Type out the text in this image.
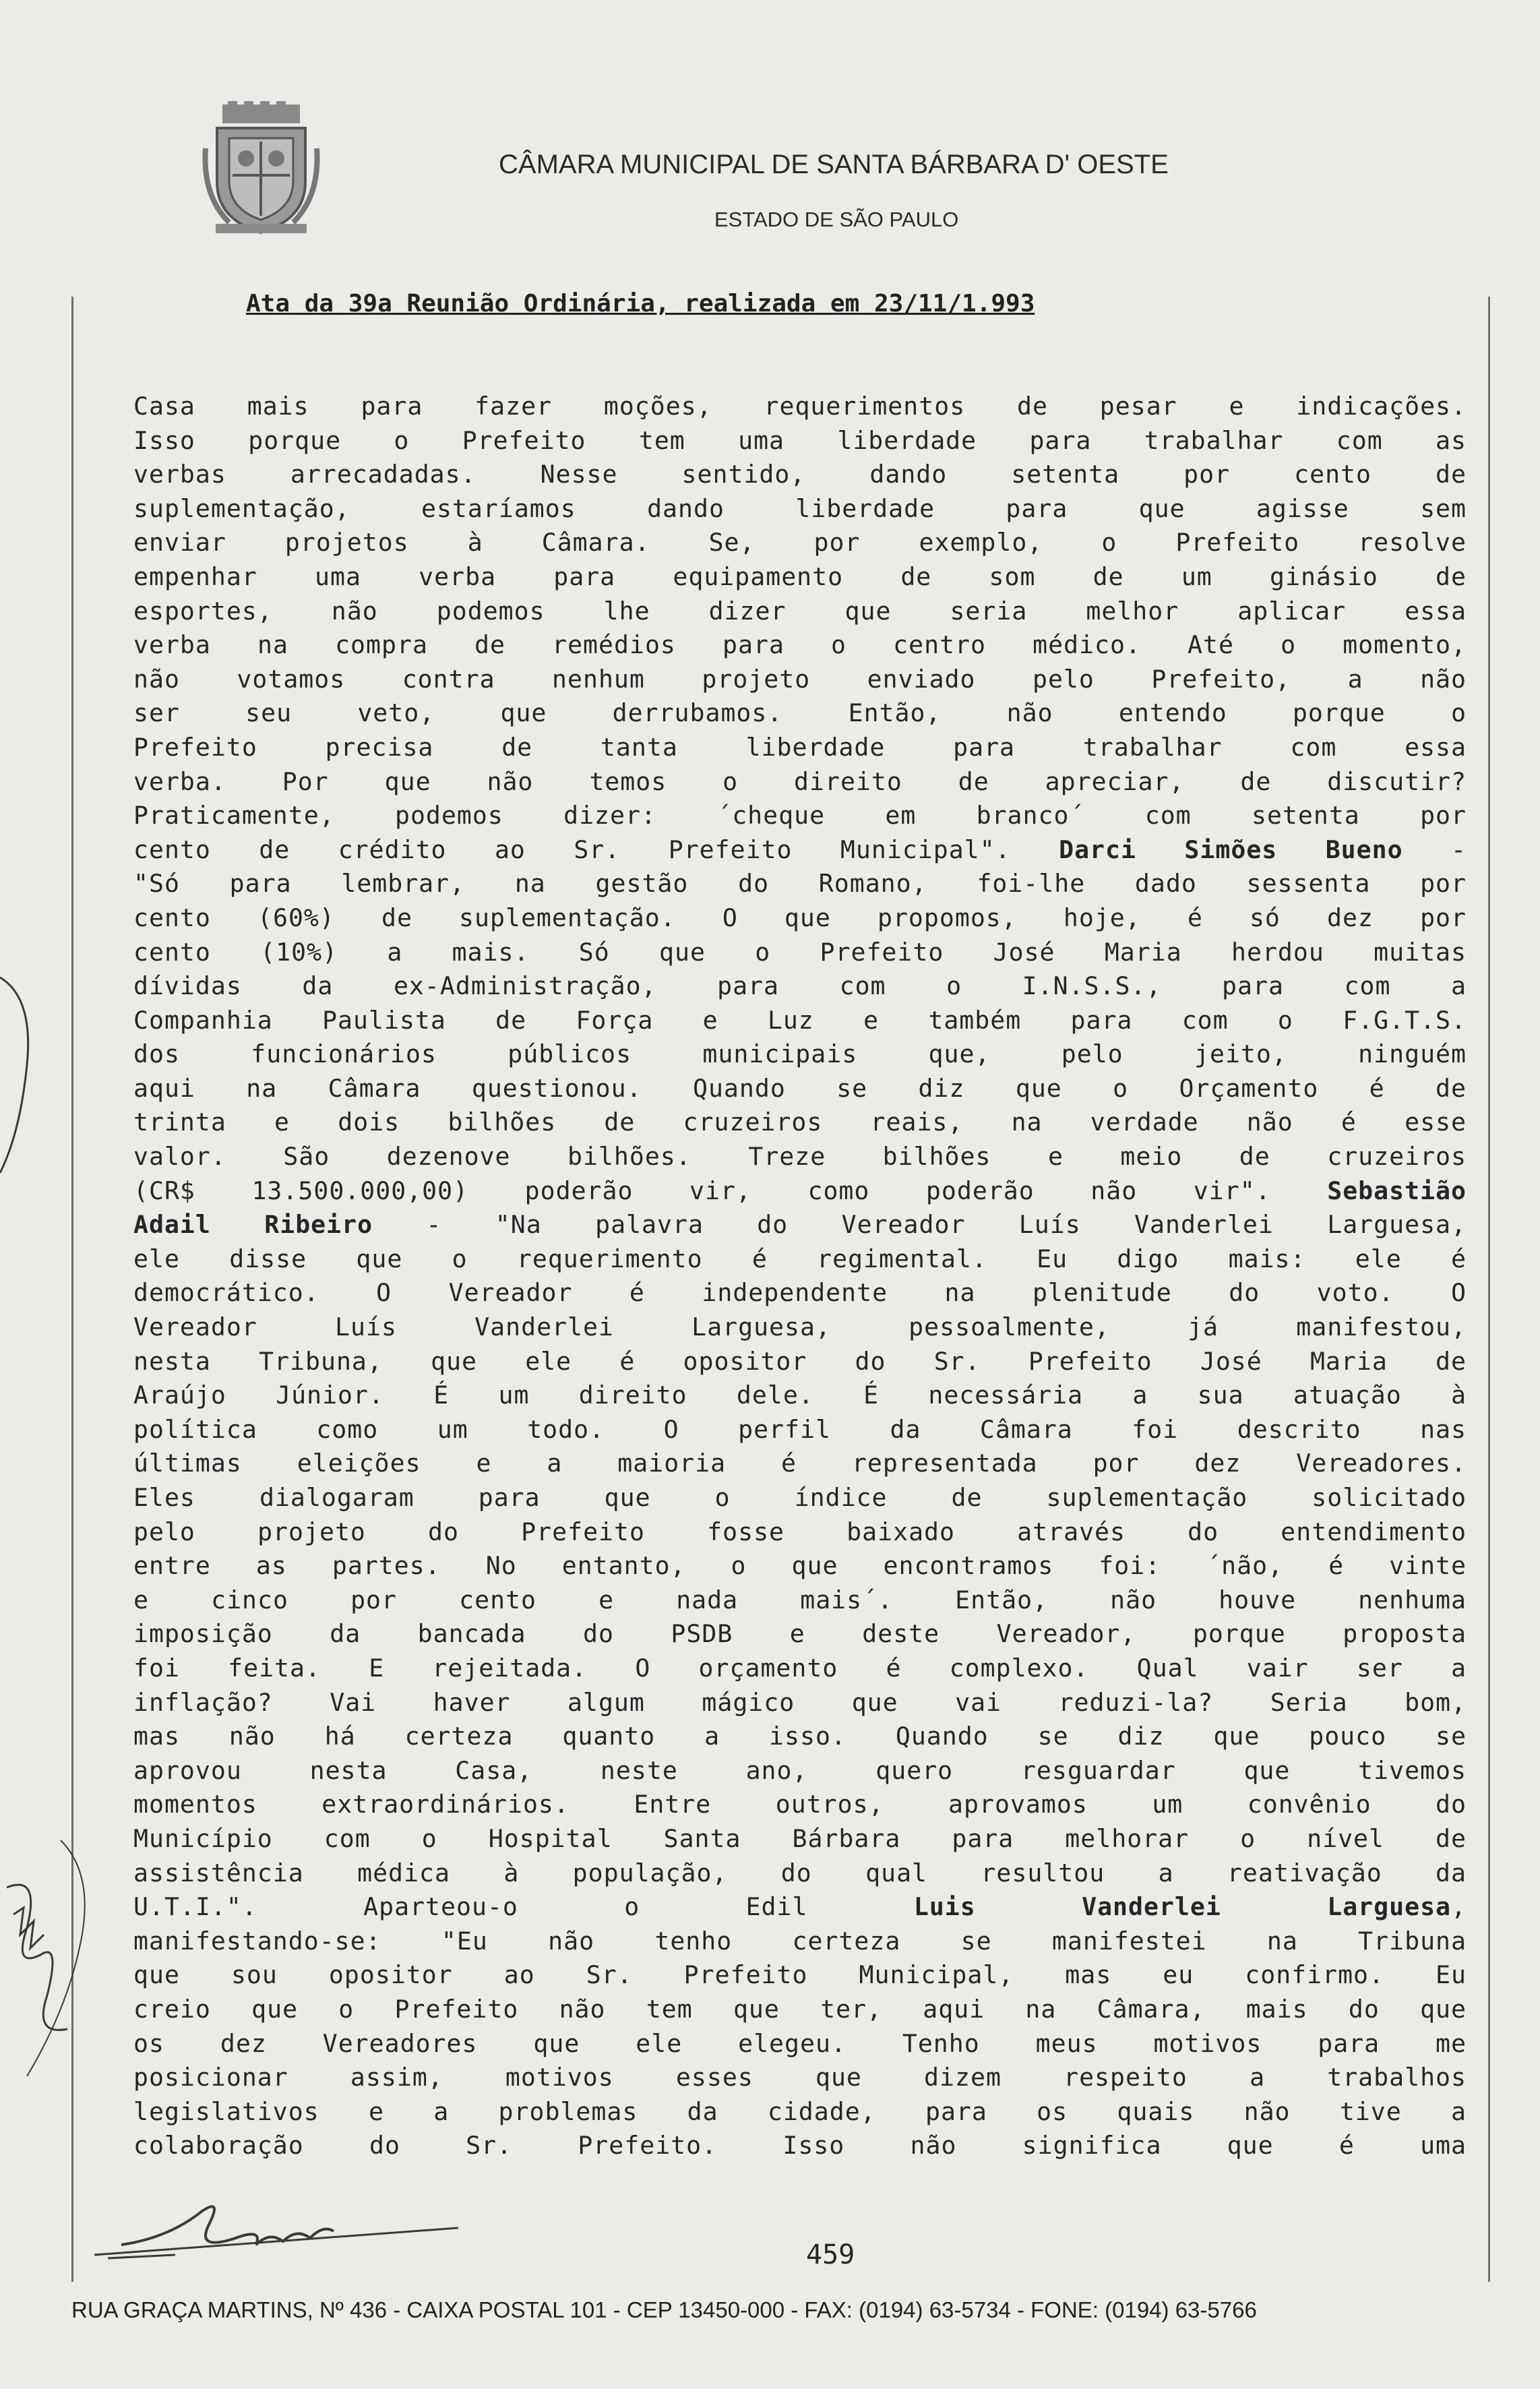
CÂMARA MUNICIPAL DE SANTA BÁRBARA D' OESTE
ESTADO DE SÃO PAULO
Ata da 39a Reunião Ordinária, realizada em 23/11/1.993
Casa mais para fazer moções, requerimentos de pesar e indicações.
Isso porque o Prefeito tem uma liberdade para trabalhar com as
verbas arrecadadas. Nesse sentido, dando setenta por cento de
suplementação, estaríamos dando liberdade para que agisse sem
enviar projetos à Câmara. Se, por exemplo, o Prefeito resolve
empenhar uma verba para equipamento de som de um ginásio de
esportes, não podemos lhe dizer que seria melhor aplicar essa
verba na compra de remédios para o centro médico. Até o momento,
não votamos contra nenhum projeto enviado pelo Prefeito, a não
ser seu veto, que derrubamos. Então, não entendo porque o
Prefeito precisa de tanta liberdade para trabalhar com essa
verba. Por que não temos o direito de apreciar, de discutir?
Praticamente, podemos dizer: ´cheque em branco´ com setenta por
cento de crédito ao Sr. Prefeito Municipal". Darci Simões Bueno -
"Só para lembrar, na gestão do Romano, foi-lhe dado sessenta por
cento (60%) de suplementação. O que propomos, hoje, é só dez por
cento (10%) a mais. Só que o Prefeito José Maria herdou muitas
dívidas da ex-Administração, para com o I.N.S.S., para com a
Companhia Paulista de Força e Luz e também para com o F.G.T.S.
dos funcionários públicos municipais que, pelo jeito, ninguém
aqui na Câmara questionou. Quando se diz que o Orçamento é de
trinta e dois bilhões de cruzeiros reais, na verdade não é esse
valor. São dezenove bilhões. Treze bilhões e meio de cruzeiros
(CR$ 13.500.000,00) poderão vir, como poderão não vir". Sebastião
Adail Ribeiro - "Na palavra do Vereador Luís Vanderlei Larguesa,
ele disse que o requerimento é regimental. Eu digo mais: ele é
democrático. O Vereador é independente na plenitude do voto. O
Vereador Luís Vanderlei Larguesa, pessoalmente, já manifestou,
nesta Tribuna, que ele é opositor do Sr. Prefeito José Maria de
Araújo Júnior. É um direito dele. É necessária a sua atuação à
política como um todo. O perfil da Câmara foi descrito nas
últimas eleições e a maioria é representada por dez Vereadores.
Eles dialogaram para que o índice de suplementação solicitado
pelo projeto do Prefeito fosse baixado através do entendimento
entre as partes. No entanto, o que encontramos foi: ´não, é vinte
e cinco por cento e nada mais´. Então, não houve nenhuma
imposição da bancada do PSDB e deste Vereador, porque proposta
foi feita. E rejeitada. O orçamento é complexo. Qual vair ser a
inflação? Vai haver algum mágico que vai reduzi-la? Seria bom,
mas não há certeza quanto a isso. Quando se diz que pouco se
aprovou nesta Casa, neste ano, quero resguardar que tivemos
momentos extraordinários. Entre outros, aprovamos um convênio do
Município com o Hospital Santa Bárbara para melhorar o nível de
assistência médica à população, do qual resultou a reativação da
U.T.I.". Aparteou-o o Edil Luis Vanderlei Larguesa,
manifestando-se: "Eu não tenho certeza se manifestei na Tribuna
que sou opositor ao Sr. Prefeito Municipal, mas eu confirmo. Eu
creio que o Prefeito não tem que ter, aqui na Câmara, mais do que
os dez Vereadores que ele elegeu. Tenho meus motivos para me
posicionar assim, motivos esses que dizem respeito a trabalhos
legislativos e a problemas da cidade, para os quais não tive a
colaboração do Sr. Prefeito. Isso não significa que é uma
459
RUA GRAÇA MARTINS, Nº 436 - CAIXA POSTAL 101 - CEP 13450-000 - FAX: (0194) 63-5734 - FONE: (0194) 63-5766
